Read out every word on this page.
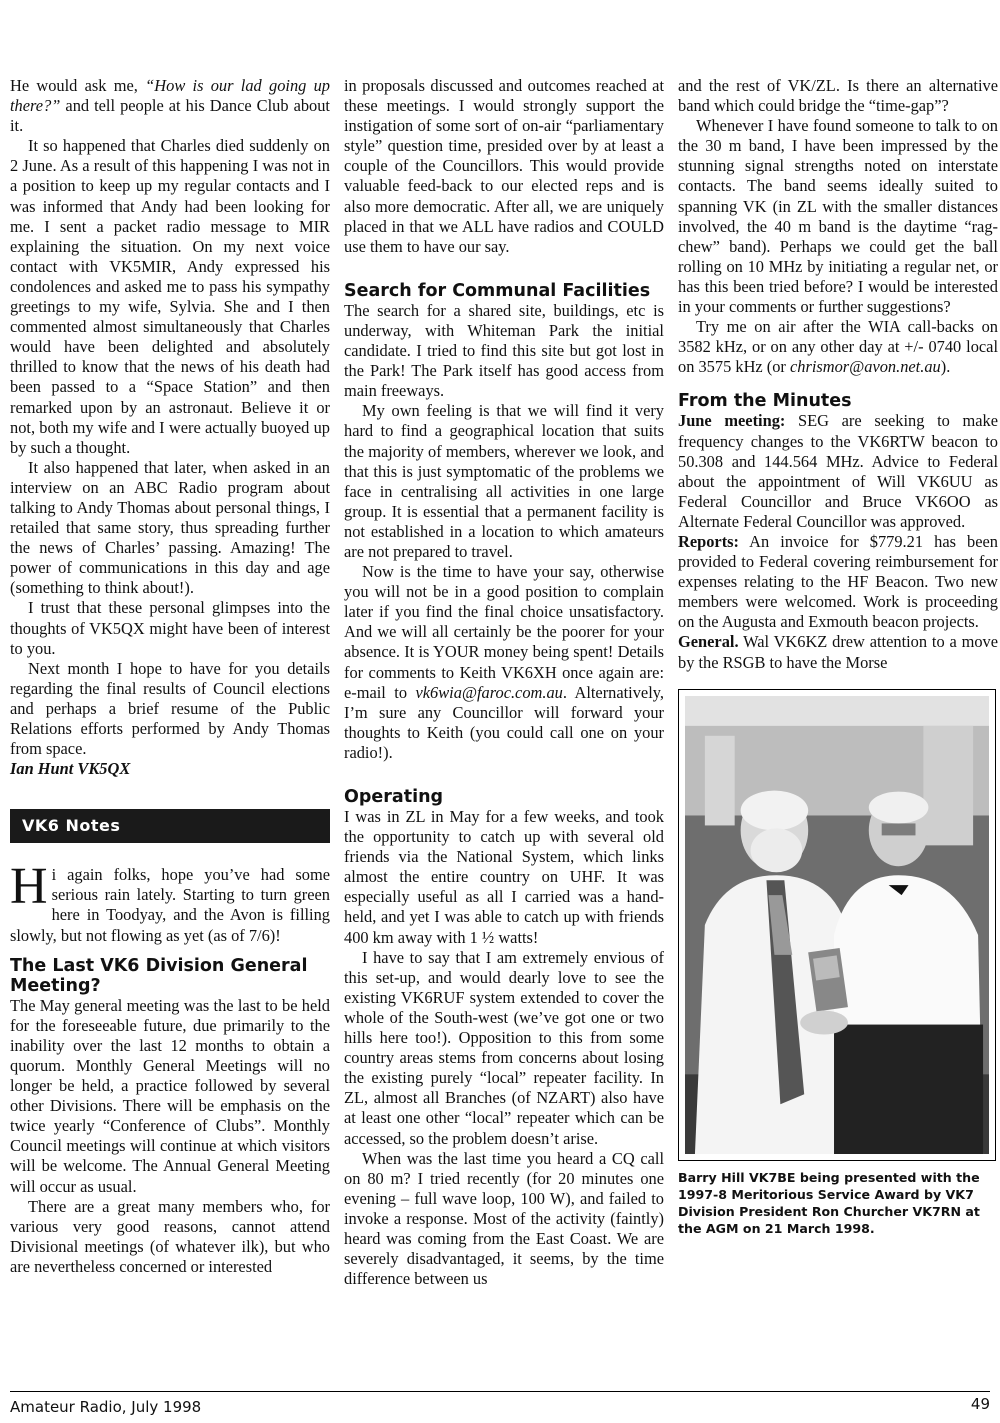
He would ask me, “How is our lad going up there?” and tell people at his Dance Club about it.

It so happened that Charles died suddenly on 2 June. As a result of this happening I was not in a position to keep up my regular contacts and I was informed that Andy had been looking for me. I sent a packet radio message to MIR explaining the situation. On my next voice contact with VK5MIR, Andy expressed his condolences and asked me to pass his sympathy greetings to my wife, Sylvia. She and I then commented almost simultaneously that Charles would have been delighted and absolutely thrilled to know that the news of his death had been passed to a “Space Station” and then remarked upon by an astronaut. Believe it or not, both my wife and I were actually buoyed up by such a thought.

It also happened that later, when asked in an interview on an ABC Radio program about talking to Andy Thomas about personal things, I retailed that same story, thus spreading further the news of Charles’ passing. Amazing! The power of communications in this day and age (something to think about!).

I trust that these personal glimpses into the thoughts of VK5QX might have been of interest to you.

Next month I hope to have for you details regarding the final results of Council elections and perhaps a brief resume of the Public Relations efforts performed by Andy Thomas from space.

Ian Hunt VK5QX

VK6 Notes

Hi again folks, hope you’ve had some serious rain lately. Starting to turn green here in Toodyay, and the Avon is filling slowly, but not flowing as yet (as of 7/6)!

The Last VK6 Division General Meeting?

The May general meeting was the last to be held for the foreseeable future, due primarily to the inability over the last 12 months to obtain a quorum. Monthly General Meetings will no longer be held, a practice followed by several other Divisions. There will be emphasis on the twice yearly “Conference of Clubs”. Monthly Council meetings will continue at which visitors will be welcome. The Annual General Meeting will occur as usual.

There are a great many members who, for various very good reasons, cannot attend Divisional meetings (of whatever ilk), but who are nevertheless concerned or interested

in proposals discussed and outcomes reached at these meetings. I would strongly support the instigation of some sort of on-air “parliamentary style” question time, presided over by at least a couple of the Councillors. This would provide valuable feed-back to our elected reps and is also more democratic. After all, we are uniquely placed in that we ALL have radios and COULD use them to have our say.

Search for Communal Facilities

The search for a shared site, buildings, etc is underway, with Whiteman Park the initial candidate. I tried to find this site but got lost in the Park! The Park itself has good access from main freeways.

My own feeling is that we will find it very hard to find a geographical location that suits the majority of members, wherever we look, and that this is just symptomatic of the problems we face in centralising all activities in one large group. It is essential that a permanent facility is not established in a location to which amateurs are not prepared to travel.

Now is the time to have your say, otherwise you will not be in a good position to complain later if you find the final choice unsatisfactory. And we will all certainly be the poorer for your absence. It is YOUR money being spent! Details for comments to Keith VK6XH once again are: e-mail to vk6wia@faroc.com.au. Alternatively, I’m sure any Councillor will forward your thoughts to Keith (you could call one on your radio!).

Operating

I was in ZL in May for a few weeks, and took the opportunity to catch up with several old friends via the National System, which links almost the entire country on UHF. It was especially useful as all I carried was a hand-held, and yet I was able to catch up with friends 400 km away with 1 ½ watts!

I have to say that I am extremely envious of this set-up, and would dearly love to see the existing VK6RUF system extended to cover the whole of the South-west (we’ve got one or two hills here too!). Opposition to this from some country areas stems from concerns about losing the existing purely “local” repeater facility. In ZL, almost all Branches (of NZART) also have at least one other “local” repeater which can be accessed, so the problem doesn’t arise.

When was the last time you heard a CQ call on 80 m? I tried recently (for 20 minutes one evening – full wave loop, 100 W), and failed to invoke a response. Most of the activity (faintly) heard was coming from the East Coast. We are severely disadvantaged, it seems, by the time difference between us

and the rest of VK/ZL. Is there an alternative band which could bridge the “time-gap”?

Whenever I have found someone to talk to on the 30 m band, I have been impressed by the stunning signal strengths noted on interstate contacts. The band seems ideally suited to spanning VK (in ZL with the smaller distances involved, the 40 m band is the daytime “rag-chew” band). Perhaps we could get the ball rolling on 10 MHz by initiating a regular net, or has this been tried before? I would be interested in your comments or further suggestions?

Try me on air after the WIA call-backs on 3582 kHz, or on any other day at +/- 0740 local on 3575 kHz (or chrismor@avon.net.au).

From the Minutes

June meeting: SEG are seeking to make frequency changes to the VK6RTW beacon to 50.308 and 144.564 MHz. Advice to Federal about the appointment of Will VK6UU as Federal Councillor and Bruce VK6OO as Alternate Federal Councillor was approved.

Reports: An invoice for $779.21 has been provided to Federal covering reimbursement for expenses relating to the HF Beacon. Two new members were welcomed. Work is proceeding on the Augusta and Exmouth beacon projects.

General. Wal VK6KZ drew attention to a move by the RSGB to have the Morse

Barry Hill VK7BE being presented with the 1997-8 Meritorious Service Award by VK7 Division President Ron Churcher VK7RN at the AGM on 21 March 1998.

Amateur Radio, July 1998	49
